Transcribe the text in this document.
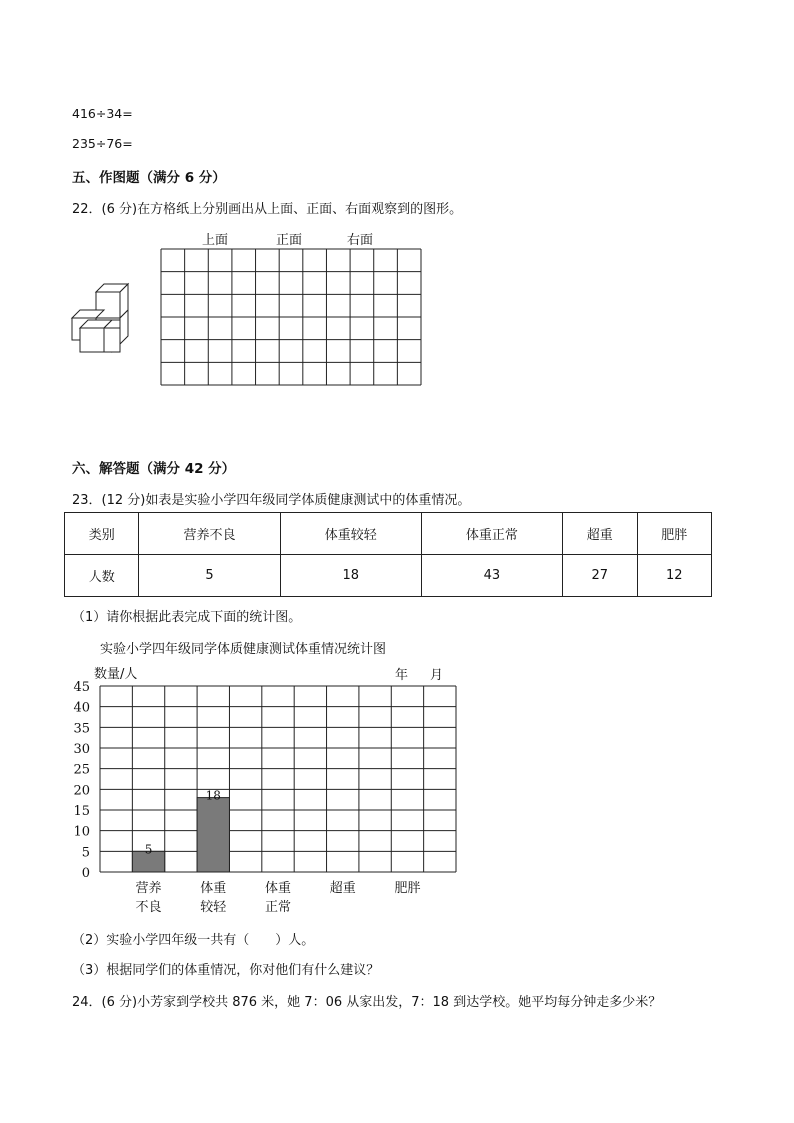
416÷34=
235÷76=
五、作图题（满分 6 分）
22．(6 分)在方格纸上分别画出从上面、正面、右面观察到的图形。
上面	正面	右面
六、解答题（满分 42 分）
23．(12 分)如表是实验小学四年级同学体质健康测试中的体重情况。
类别	营养不良	体重较轻	体重正常	超重	肥胖
人数	5	18	43	27	12
（1）请你根据此表完成下面的统计图。
实验小学四年级同学体质健康测试体重情况统计图
数量/人	年 月
0
5
10
15
20
25
30
35
40
45
5
营养
不良
18
体重
较轻
体重
正常
超重	肥胖
（2）实验小学四年级一共有（　　）人。
（3）根据同学们的体重情况，你对他们有什么建议？
24．(6 分)小芳家到学校共 876 米，她 7：06 从家出发，7：18 到达学校。她平均每分钟走多少米？
